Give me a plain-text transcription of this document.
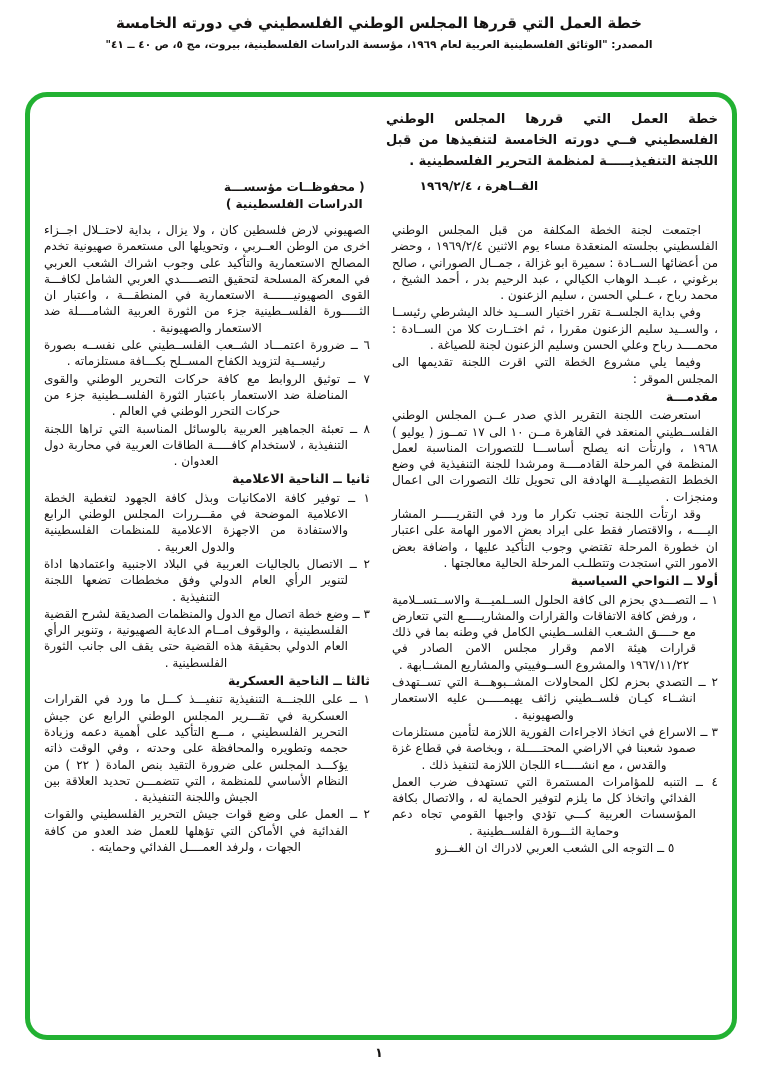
خطة العمل التي قررها المجلس الوطني الفلسطيني في دورته الخامسة
المصدر: "الوثائق الفلسطينية العربية لعام ١٩٦٩، مؤسسة الدراسات الفلسطينية، بيروت، مج ٥، ص ٤٠ ــ ٤١"
خطة العمل التي قررها المجلس الوطني الفلسطيني فــي دورته الخامسة لتنفيذها من قبل اللجنة التنفيذيـــــة لمنظمة التحرير الفلسطينية .
القــاهرة ، ١٩٦٩/٢/٤
( محفوظــات مؤسســـة
الدراسات الفلسطينية )

اجتمعت لجنة الخطة المكلفة من قبل المجلس الوطني الفلسطيني بجلسته المنعقدة مساء يوم الاثنين ١٩٦٩/٢/٤ ، وحضر من أعضائها الســادة : سميرة ابو غزالة ، جمــال الصوراني ، صالح برغوني ، عبــد الوهاب الكيالي ، عبد الرحيم بدر ، أحمد الشيخ ، محمد رباح ، عــلي الحسن ، سليم الزعنون .

وفي بداية الجلســة تقرر اختيار الســيد خالد اليشرطي رئيســا ، والســيد سليم الزعنون مقررا ، ثم اختــارت كلا من الســادة : محمــــد رباح وعلي الحسن وسليم الزعنون لجنة للصياغة .

وفيما يلي مشروع الخطة التي اقرت اللجنة تقديمها الى المجلس الموقر :

مقدمـــة

استعرضت اللجنة التقرير الذي صدر عــن المجلس الوطني الفلســطيني المنعقد في القاهرة مــن ١٠ الى ١٧ تمــوز ( يوليو ) ١٩٦٨ ، وارتأت انه يصلح أساســـا للتصورات المناسبة لعمل المنظمة في المرحلة القادمــــة ومرشدا للجنة التنفيذية في وضع الخطط التفصيليـــة الهادفة الى تحويل تلك التصورات الى اعمال ومنجزات .

وقد ارتأت اللجنة تجنب تكرار ما ورد في التقريـــــر المشار اليــــه ، والاقتصار فقط على ايراد بعض الامور الهامة على اعتبار ان خطورة المرحلة تقتضي وجوب التأكيد عليها ، واضافة بعض الامور التي استجدت وتتطلـب المرحلة الحالية معالجتها .

أولا ــ النواحي السياسية

١ ــ التصـــدي بحزم الى كافة الحلول الســلميـــة والاســتســلامية ، ورفض كافة الاتفاقات والقرارات والمشاريـــــع التي تتعارض مع حــــق الشـعب الفلســطيني الكامل في وطنه بما في ذلك قرارات هيئة الامم وقرار مجلس الامن الصادر في ١٩٦٧/١١/٢٢ والمشروع الســوفييتي والمشاريع المشــابهة .

٢ ــ التصدي بحزم لكل المحاولات المشــبوهـــة التي تســتهدف انشــاء كيـان فلســطيني زائف يهيمـــــن عليه الاستعمار والصهيونية .

٣ ــ الاسراع في اتخاذ الاجراءات الفورية اللازمة لتأمين مستلزمات صمود شعبنا في الاراضي المحتـــــلة ، وبخاصة في قطاع غزة والقدس ، مع انشـــــاء اللجان اللازمة لتنفيذ ذلك .

٤ ــ التنبه للمؤامرات المستمرة التي تستهدف ضرب العمل الفدائي واتخاذ كل ما يلزم لتوفير الحماية له ، والاتصال بكافة المؤسسات العربية كـــي تؤدي واجبها القومي تجاه دعم وحماية الثـــورة الفلســطينية .

٥ ــ التوجه الى الشعب العربي لادراك ان الغـــزو

الصهيوني لارض فلسطين كان ، ولا يزال ، بداية لاحتــلال اجــزاء اخرى من الوطن العــربي ، وتحويلها الى مستعمرة صهيونية تخدم المصالح الاستعمارية والتأكيد على وجوب اشراك الشعب العربي في المعركة المسلحة لتحقيق التصـــــدي العربي الشامل لكافـــة القوى الصهيونيـــــــة الاستعمارية في المنطقـــة ، واعتبار ان الثـــــورة الفلســطينية جزء من الثورة العربية الشامــــلة ضد الاستعمار والصهيونية .

٦ ــ ضرورة اعتمـــاد الشــعب الفلســطيني على نفســه بصورة رئيســية لتزويد الكفاح المســلح بكـــافة مستلزماته .

٧ ــ توثيق الروابط مع كافة حركات التحرير الوطني والقوى المناضلة ضد الاستعمار باعتبار الثورة الفلســطينية جزء من حركات التحرر الوطني في العالم .

٨ ــ تعبئة الجماهير العربية بالوسائل المناسبة التي تراها اللجنة التنفيذية ، لاستخدام كافـــــة الطاقات العربية في محاربة دول العدوان .

ثانيا ــ الناحية الاعلامية

١ ــ توفير كافة الامكانيات وبذل كافة الجهود لتغطية الخطة الاعلامية الموضحة في مقـــررات المجلس الوطني الرابع والاستفادة من الاجهزة الاعلامية للمنظمات الفلسطينية والدول العربية .

٢ ــ الاتصال بالجاليات العربية في البلاد الاجنبية واعتمادها اداة لتنوير الرأي العام الدولي وفق مخططات تضعها اللجنة التنفيذية .

٣ ــ وضع خطة اتصال مع الدول والمنظمات الصديقة لشرح القضية الفلسطينية ، والوقوف امــام الدعاية الصهيونية ، وتنوير الرأي العام الدولي بحقيقة هذه القضية حتى يقف الى جانب الثورة الفلسطينية .

ثالثا ــ الناحية العسكرية

١ ــ على اللجنـــة التنفيذية تنفيـــذ كـــل ما ورد في القرارات العسكرية في تقـــرير المجلس الوطني الرابع عن جيش التحرير الفلسطيني ، مـــع التأكيد على أهمية دعمه وزيادة حجمه وتطويره والمحافظة على وحدته ، وفي الوقت ذاته يؤكـــد المجلس على ضرورة التقيد بنص المادة ( ٢٢ ) من النظام الأساسي للمنظمة ، التي تتضمـــن تحديد العلاقة بين الجيش واللجنة التنفيذية .

٢ ــ العمل على وضع قوات جيش التحرير الفلسطيني والقوات الفدائية في الأماكن التي تؤهلها للعمل ضد العدو من كافة الجهات ، ولرفد العمــــل الفدائي وحمايته .

١
